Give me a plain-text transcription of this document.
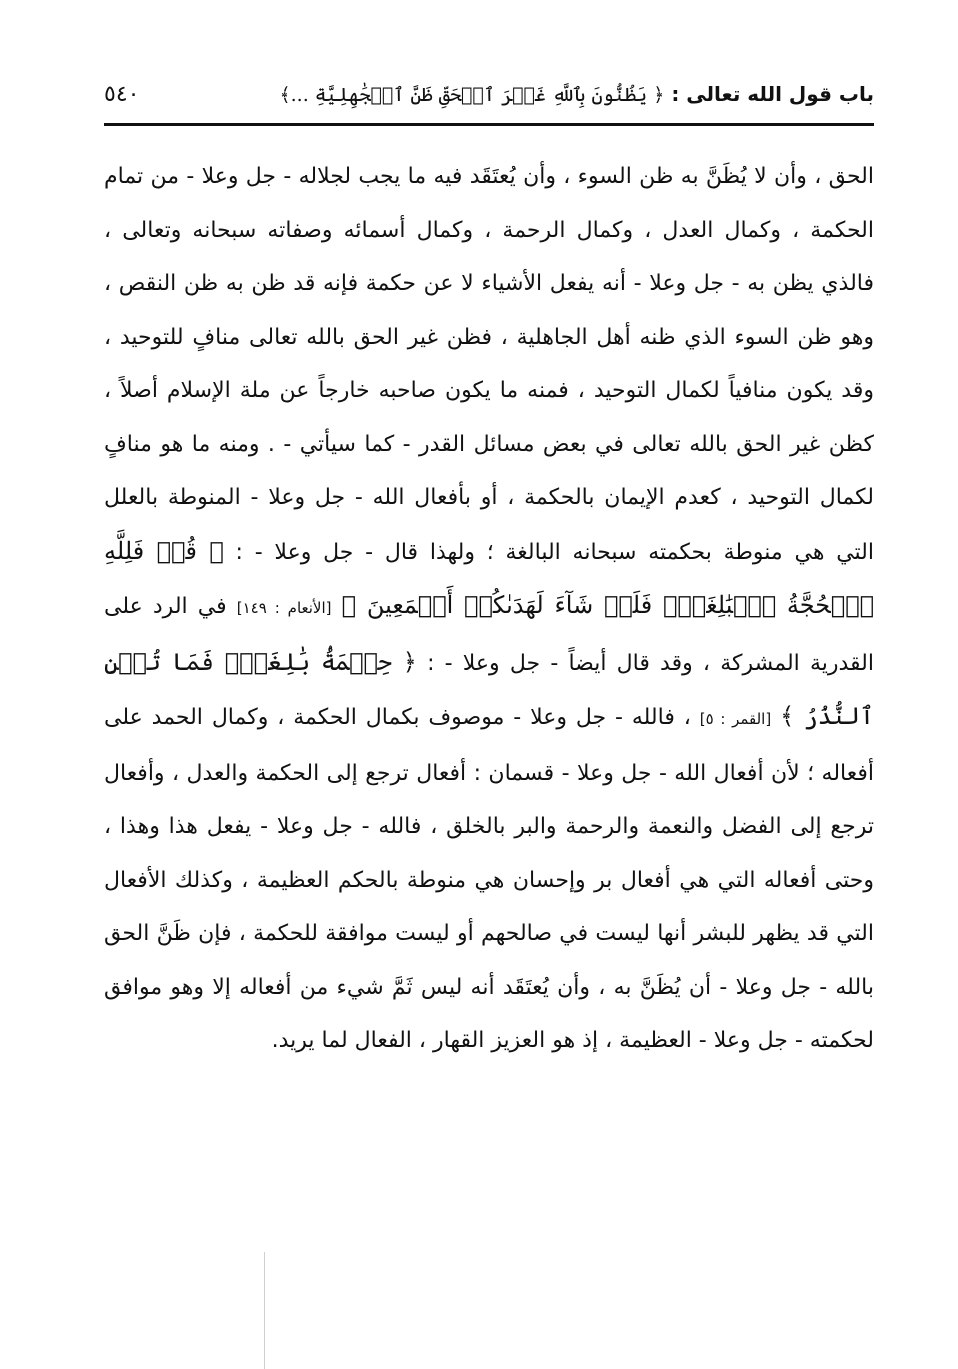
باب قول الله تعالى : ﴿ يَظُنُّونَ بِٱللَّهِ غَيۡرَ ٱلۡحَقِّ ظَنَّ ٱلۡجَٰهِلِيَّةِ ...﴾
٥٤٠
الحق ، وأن لا يُظَنَّ به ظن السوء ، وأن يُعتَقَد فيه ما يجب لجلاله - جل وعلا - من تمام الحكمة ، وكمال العدل ، وكمال الرحمة ، وكمال أسمائه وصفاته سبحانه وتعالى ، فالذي يظن به - جل وعلا - أنه يفعل الأشياء لا عن حكمة فإنه قد ظن به ظن النقص ، وهو ظن السوء الذي ظنه أهل الجاهلية ، فظن غير الحق بالله تعالى منافٍ للتوحيد ، وقد يكون منافياً لكمال التوحيد ، فمنه ما يكون صاحبه خارجاً عن ملة الإسلام أصلاً ، كظن غير الحق بالله تعالى في بعض مسائل القدر - كما سيأتي - . ومنه ما هو منافٍ لكمال التوحيد ، كعدم الإيمان بالحكمة ، أو بأفعال الله - جل وعلا - المنوطة بالعلل التي هي منوطة بحكمته سبحانه البالغة ؛ ولهذا قال - جل وعلا - : ﴿ قُلۡ فَلِلَّهِ ٱلۡحُجَّةُ ٱلۡبَٰلِغَةُۖ فَلَوۡ شَآءَ لَهَدَىٰكُمۡ أَجۡمَعِينَ ﴾ [الأنعام : ١٤٩] في الرد على القدرية المشركة ، وقد قال أيضاً - جل وعلا - : ﴿ حِكۡمَةُۢ بَٰلِغَةٞۖ فَمَا تُغۡنِ ٱلنُّذُرُ ﴾ [القمر : ٥] ، فالله - جل وعلا - موصوف بكمال الحكمة ، وكمال الحمد على أفعاله ؛ لأن أفعال الله - جل وعلا - قسمان : أفعال ترجع إلى الحكمة والعدل ، وأفعال ترجع إلى الفضل والنعمة والرحمة والبر بالخلق ، فالله - جل وعلا - يفعل هذا وهذا ، وحتى أفعاله التي هي أفعال بر وإحسان هي منوطة بالحكم العظيمة ، وكذلك الأفعال التي قد يظهر للبشر أنها ليست في صالحهم أو ليست موافقة للحكمة ، فإن ظَنَّ الحق بالله - جل وعلا - أن يُظَنَّ به ، وأن يُعتَقَد أنه ليس ثَمَّ شيء من أفعاله إلا وهو موافق لحكمته - جل وعلا - العظيمة ، إذ هو العزيز القهار ، الفعال لما يريد.
